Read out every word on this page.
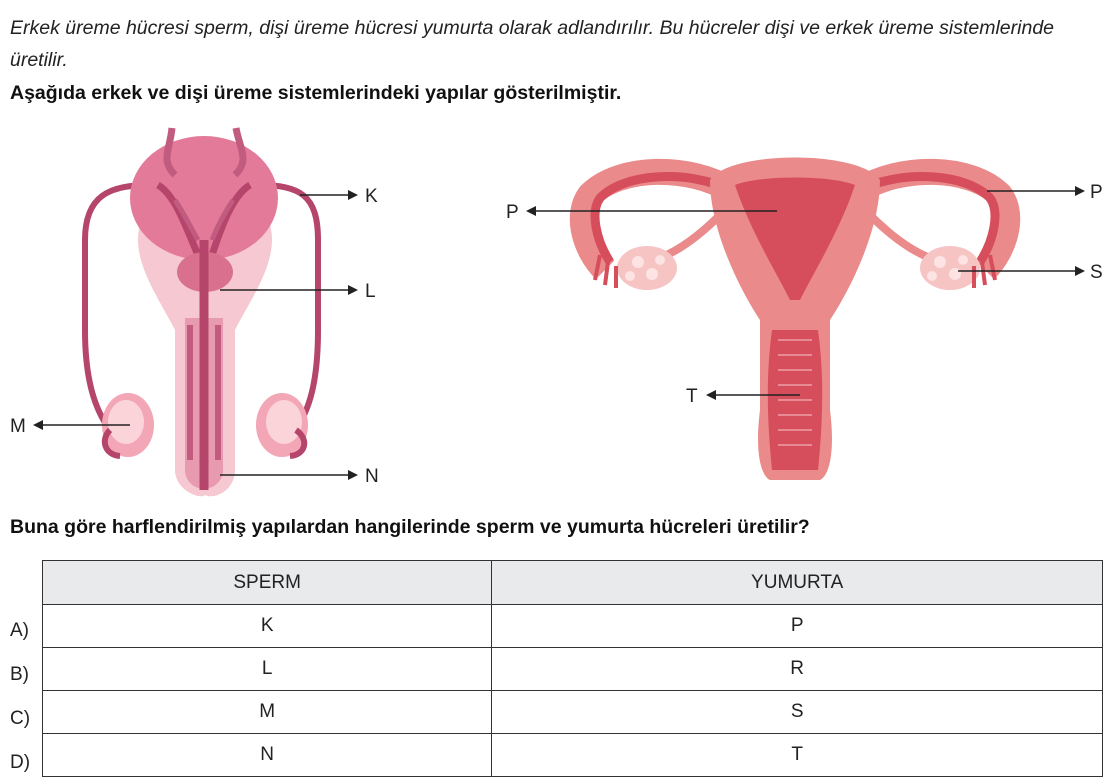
Erkek üreme hücresi sperm, dişi üreme hücresi yumurta olarak adlandırılır. Bu hücreler dişi ve erkek üreme sistemlerinde üretilir.
Aşağıda erkek ve dişi üreme sistemlerindeki yapılar gösterilmiştir.
K
L
M
N
P
P
S
T
Buna göre harflendirilmiş yapılardan hangilerinde sperm ve yumurta hücreleri üretilir?
A)
B)
C)
D)
SPERM	YUMURTA
K	P
L	R
M	S
N	T
